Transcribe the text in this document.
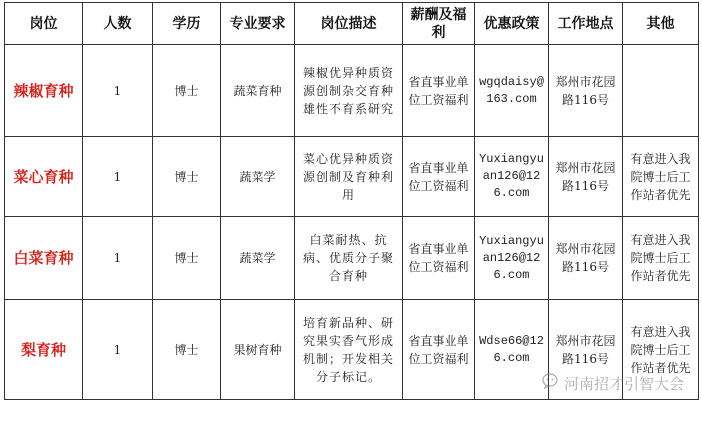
岗位	人数	学历	专业要求	岗位描述	薪酬及福利	优惠政策	工作地点	其他
辣椒育种	1	博士	蔬菜育种	辣椒优异种质资源创制杂交育种雄性不育系研究	省直事业单位工资福利	wgqdaisy@163.com	郑州市花园路116号	
菜心育种	1	博士	蔬菜学	菜心优异种质资源创制及育种利用	省直事业单位工资福利	Yuxiangyuan126@126.com	郑州市花园路116号	有意进入我院博士后工作站者优先
白菜育种	1	博士	蔬菜学	白菜耐热、抗病、优质分子聚合育种	省直事业单位工资福利	Yuxiangyuan126@126.com	郑州市花园路116号	有意进入我院博士后工作站者优先
梨育种	1	博士	果树育种	培育新品种、研究果实香气形成机制；开发相关分子标记。	省直事业单位工资福利	Wdse66@126.com	郑州市花园路116号	有意进入我院博士后工作站者优先
河南招才引智大会
